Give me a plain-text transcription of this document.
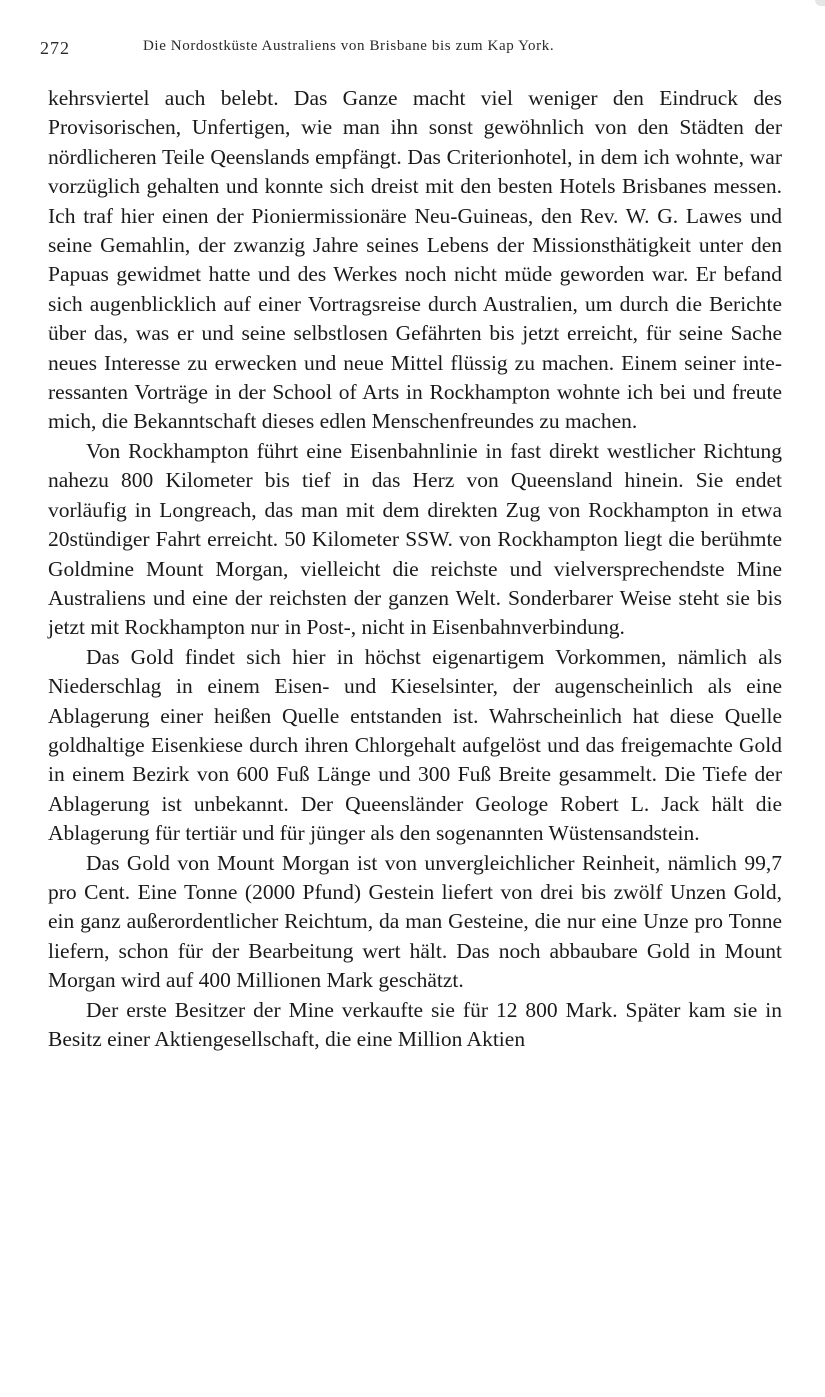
272	Die Nordostküste Australiens von Brisbane bis zum Kap York.

kehrsviertel auch belebt. Das Ganze macht viel weniger den Eindruck des Provisorischen, Unfertigen, wie man ihn sonst gewöhnlich von den Städten der nördlicheren Teile Qeenslands empfängt. Das Criterionhotel, in dem ich wohnte, war vorzüglich gehalten und konnte sich dreist mit den besten Hotels Brisbanes messen. Ich traf hier einen der Pioniermissionäre Neu-Guineas, den Rev. W. G. Lawes und seine Gemahlin, der zwanzig Jahre seines Lebens der Missionsthätigkeit unter den Papuas gewidmet hatte und des Werkes noch nicht müde geworden war. Er befand sich augenblicklich auf einer Vortragsreise durch Australien, um durch die Berichte über das, was er und seine selbstlosen Gefährten bis jetzt erreicht, für seine Sache neues Interesse zu erwecken und neue Mittel flüssig zu machen. Einem seiner interessanten Vorträge in der School of Arts in Rockhampton wohnte ich bei und freute mich, die Bekanntschaft dieses edlen Menschenfreundes zu machen.

Von Rockhampton führt eine Eisenbahnlinie in fast direkt westlicher Richtung nahezu 800 Kilometer bis tief in das Herz von Queensland hinein. Sie endet vorläufig in Longreach, das man mit dem direkten Zug von Rockhampton in etwa 20stündiger Fahrt erreicht. 50 Kilometer SSW. von Rockhampton liegt die berühmte Goldmine Mount Morgan, vielleicht die reichste und vielversprechendste Mine Australiens und eine der reichsten der ganzen Welt. Sonderbarer Weise steht sie bis jetzt mit Rockhampton nur in Post-, nicht in Eisenbahnverbindung.

Das Gold findet sich hier in höchst eigenartigem Vorkommen, nämlich als Niederschlag in einem Eisen- und Kieselsinter, der augenscheinlich als eine Ablagerung einer heißen Quelle entstanden ist. Wahrscheinlich hat diese Quelle goldhaltige Eisenkiese durch ihren Chlorgehalt aufgelöst und das freigemachte Gold in einem Bezirk von 600 Fuß Länge und 300 Fuß Breite gesammelt. Die Tiefe der Ablagerung ist unbekannt. Der Queensländer Geologe Robert L. Jack hält die Ablagerung für tertiär und für jünger als den sogenannten Wüstensandstein.

Das Gold von Mount Morgan ist von unvergleichlicher Reinheit, nämlich 99,7 pro Cent. Eine Tonne (2000 Pfund) Gestein liefert von drei bis zwölf Unzen Gold, ein ganz außerordentlicher Reichtum, da man Gesteine, die nur eine Unze pro Tonne liefern, schon für der Bearbeitung wert hält. Das noch abbaubare Gold in Mount Morgan wird auf 400 Millionen Mark geschätzt.

Der erste Besitzer der Mine verkaufte sie für 12 800 Mark. Später kam sie in Besitz einer Aktiengesellschaft, die eine Million Aktien
